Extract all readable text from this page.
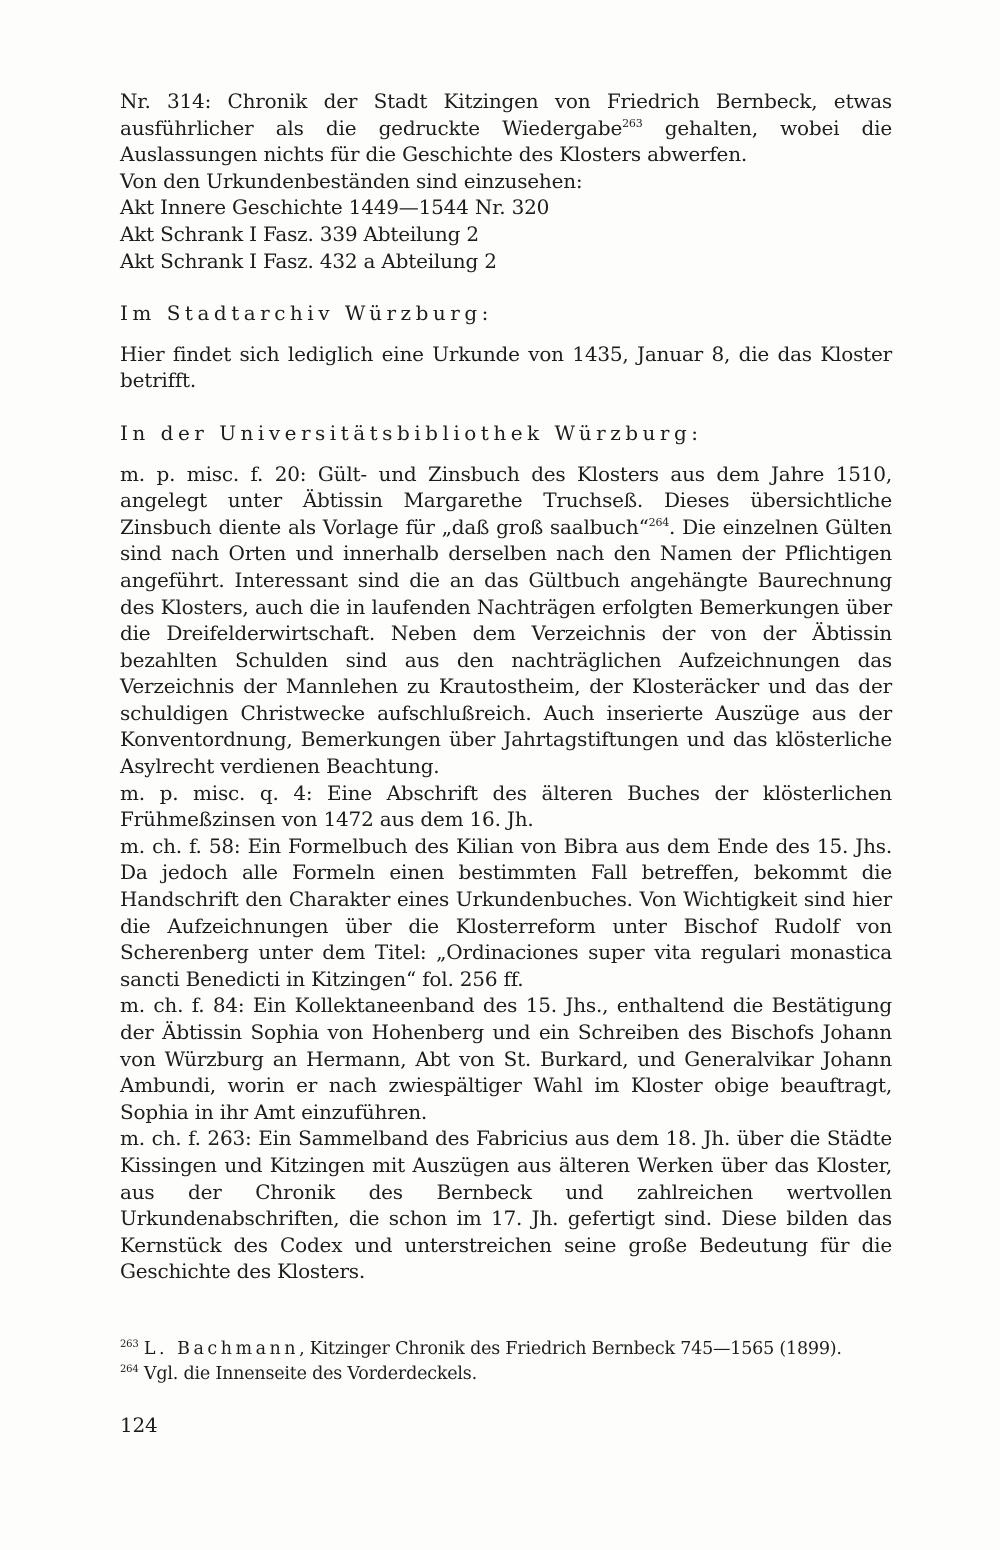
Nr. 314: Chronik der Stadt Kitzingen von Friedrich Bernbeck, etwas ausführlicher als die gedruckte Wiedergabe$^{263}$ gehalten, wobei die Auslassungen nichts für die Geschichte des Klosters abwerfen.

Von den Urkundenbeständen sind einzusehen:

Akt Innere Geschichte 1449—1544 Nr. 320

Akt Schrank I Fasz. 339 Abteilung 2

Akt Schrank I Fasz. 432 a Abteilung 2

Im Stadtarchiv Würzburg:

Hier findet sich lediglich eine Urkunde von 1435, Januar 8, die das Kloster betrifft.

In der Universitätsbibliothek Würzburg:

m. p. misc. f. 20: Gült- und Zinsbuch des Klosters aus dem Jahre 1510, angelegt unter Äbtissin Margarethe Truchseß. Dieses übersichtliche Zinsbuch diente als Vorlage für „daß groß saalbuch“$^{264}$. Die einzelnen Gülten sind nach Orten und innerhalb derselben nach den Namen der Pflichtigen angeführt. Interessant sind die an das Gültbuch angehängte Baurechnung des Klosters, auch die in laufenden Nachträgen erfolgten Bemerkungen über die Dreifelderwirtschaft. Neben dem Verzeichnis der von der Äbtissin bezahlten Schulden sind aus den nachträglichen Aufzeichnungen das Verzeichnis der Mannlehen zu Krautostheim, der Klosteräcker und das der schuldigen Christwecke aufschlußreich. Auch inserierte Auszüge aus der Konventordnung, Bemerkungen über Jahrtagstiftungen und das klösterliche Asylrecht verdienen Beachtung.

m. p. misc. q. 4: Eine Abschrift des älteren Buches der klösterlichen Frühmeßzinsen von 1472 aus dem 16. Jh.

m. ch. f. 58: Ein Formelbuch des Kilian von Bibra aus dem Ende des 15. Jhs. Da jedoch alle Formeln einen bestimmten Fall betreffen, bekommt die Handschrift den Charakter eines Urkundenbuches. Von Wichtigkeit sind hier die Aufzeichnungen über die Klosterreform unter Bischof Rudolf von Scherenberg unter dem Titel: „Ordinaciones super vita regulari monastica sancti Benedicti in Kitzingen“ fol. 256 ff.

m. ch. f. 84: Ein Kollektaneenband des 15. Jhs., enthaltend die Bestätigung der Äbtissin Sophia von Hohenberg und ein Schreiben des Bischofs Johann von Würzburg an Hermann, Abt von St. Burkard, und Generalvikar Johann Ambundi, worin er nach zwiespältiger Wahl im Kloster obige beauftragt, Sophia in ihr Amt einzuführen.

m. ch. f. 263: Ein Sammelband des Fabricius aus dem 18. Jh. über die Städte Kissingen und Kitzingen mit Auszügen aus älteren Werken über das Kloster, aus der Chronik des Bernbeck und zahlreichen wertvollen Urkundenabschriften, die schon im 17. Jh. gefertigt sind. Diese bilden das Kernstück des Codex und unterstreichen seine große Bedeutung für die Geschichte des Klosters.

$^{263}$ L. Bachmann, Kitzinger Chronik des Friedrich Bernbeck 745—1565 (1899).
$^{264}$ Vgl. die Innenseite des Vorderdeckels.
124
